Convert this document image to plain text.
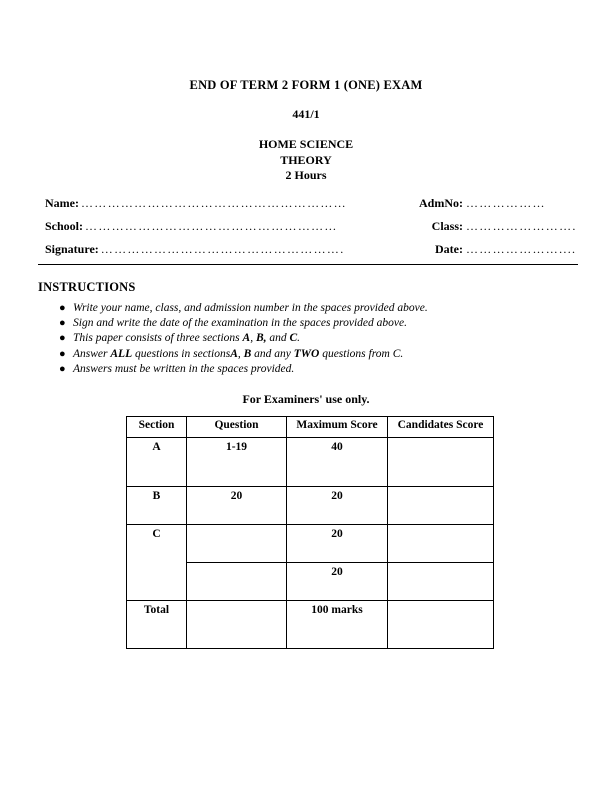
END OF TERM 2 FORM 1 (ONE) EXAM
441/1
HOME SCIENCE
THEORY
2 Hours
Name: ……………………………………………………	AdmNo: ………………
School: …………………………………………………	Class: …………………….
Signature: ……………………………………………….	Date: …………………....
INSTRUCTIONS
● Write your name, class, and admission number in the spaces provided above.
● Sign and write the date of the examination in the spaces provided above.
● This paper consists of three sections A, B, and C.
● Answer ALL questions in sectionsA, B and any TWO questions from C.
● Answers must be written in the spaces provided.
For Examiners' use only.
Section	Question	Maximum Score	Candidates Score
A	1-19	40	
B	20	20	
C		20	
		20	
Total		100 marks	
